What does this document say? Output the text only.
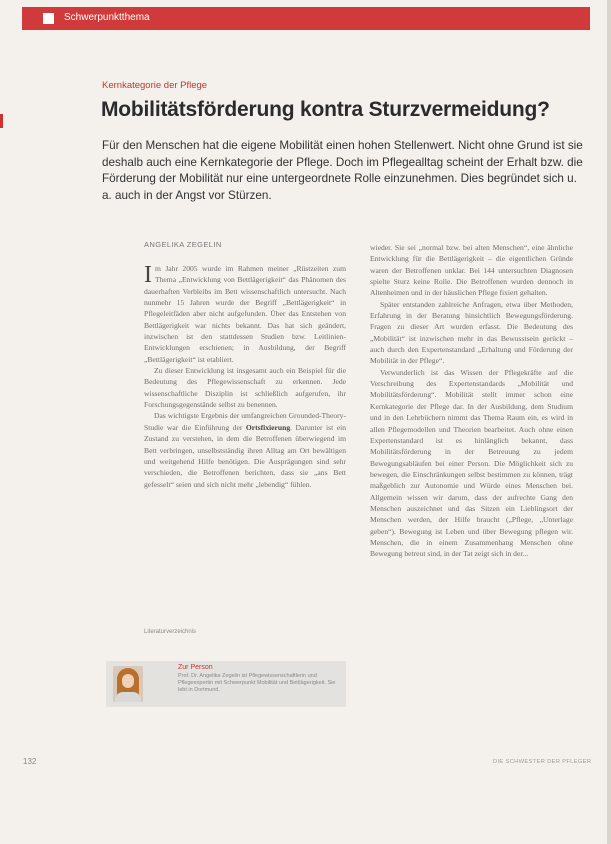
Schwerpunktthema
Kernkategorie der Pflege
Mobilitätsförderung kontra Sturzvermeidung?

Für den Menschen hat die eigene Mobilität einen hohen Stellenwert. Nicht ohne Grund ist sie deshalb auch eine Kernkategorie der Pflege. Doch im Pflegealltag scheint der Erhalt bzw. die Förderung der Mobilität nur eine untergeordnete Rolle einzunehmen. Dies begründet sich u. a. auch in der Angst vor Stürzen.

ANGELIKA ZEGELIN

Im Jahr 2005 wurde im Rahmen meiner „Rüstzeiten zum Thema „Entwicklung von Bettlägerigkeit“ das Phänomen des dauerhaften Verbleibs im Bett wissenschaftlich untersucht. Nach nunmehr 15 Jahren wurde der Begriff „Bettlägerigkeit“ in Pflegeleitfäden aber nicht aufgefunden. Über das Entstehen von Bettlägerigkeit war nichts bekannt. Das hat sich geändert, inzwischen ist den stattdessen Studien bzw. Leitlinien-Entwicklungen erschienen; in Ausbildung, der Begriff „Bettlägerigkeit“ ist etabliert.

Zu dieser Entwicklung ist insgesamt auch ein Beispiel für die Bedeutung des Pflegewissenschaft zu erkennen. Jede wissenschaftliche Disziplin ist schließlich aufgerufen, ihr Forschungsgegenstände selbst zu benennen.

Das wichtigste Ergebnis der umfangreichen Grounded-Theory-Studie war die Einführung der Ortsfixierung. Darunter ist ein Zustand zu verstehen, in dem die Betroffenen überwiegend im Bett verbringen, unselbstständig ihren Alltag am Ort bewältigen und weitgehend Hilfe benötigen. Die Ausprägungen sind sehr verschieden, die Betroffenen berichten, dass sie „ans Bett gefesselt“ seien und sich nicht mehr „lebendig“ fühlen.

Literaturverzeichnis
Zur Person
Prof. Dr. Angelika Zegelin ist Pflegewissenschaftlerin und Pflegeexpertin mit Schwerpunkt Mobilität und Bettlägerigkeit. Sie lebt in Dortmund.

wieder. Sie sei „normal bzw. bei alten Menschen“, eine ähnliche Entwicklung für die Bettlägerigkeit – die eigentlichen Gründe waren der Betroffenen unklar. Bei 144 untersuchten Diagnosen spielte Sturz keine Rolle. Die Betroffenen wurden dennoch in Altenheimen und in der häuslichen Pflege fixiert gehalten.

Später entstanden zahlreiche Anfragen, etwa über Methoden, Erfahrung in der Beratung hinsichtlich Bewegungsförderung. Fragen zu dieser Art wurden erfasst. Die Bedeutung des „Mobilität“ ist inzwischen mehr in das Bewusstsein gerückt – auch durch den Expertenstandard „Erhaltung und Förderung der Mobilität in der Pflege“.

Verwunderlich ist das Wissen der Pflegekräfte auf die Verschreibung des Expertenstandards „Mobilität und Mobilitätsförderung“. Mobilität stellt immer schon eine Kernkategorie der Pflege dar. In der Ausbildung, dem Studium und in den Lehrbüchern nimmt das Thema Raum ein, es wird in allen Pflegemodellen und Theorien bearbeitet. Auch ohne einen Expertenstandard ist es hinlänglich bekannt, dass Mobilitätsförderung in der Betreuung zu jedem Bewegungsabläufen bei einer Person. Die Möglichkeit sich zu bewegen, die Einschränkungen selbst bestimmen zu können, trägt maßgeblich zur Autonomie und Würde eines Menschen bei. Allgemein wissen wir darum, dass der aufrechte Gang den Menschen auszeichnet und das Sitzen ein Lieblingsort der Menschen werden, der Hilfe braucht („Pflege, „Unterlage geben“). Bewegung ist Leben und über Bewegung pflegen wir. Menschen, die in einem Zusammenhang Menschen ohne Bewegung betreut sind, in der Tat zeigt sich in der...

132	DIE SCHWESTER DER PFLEGER
